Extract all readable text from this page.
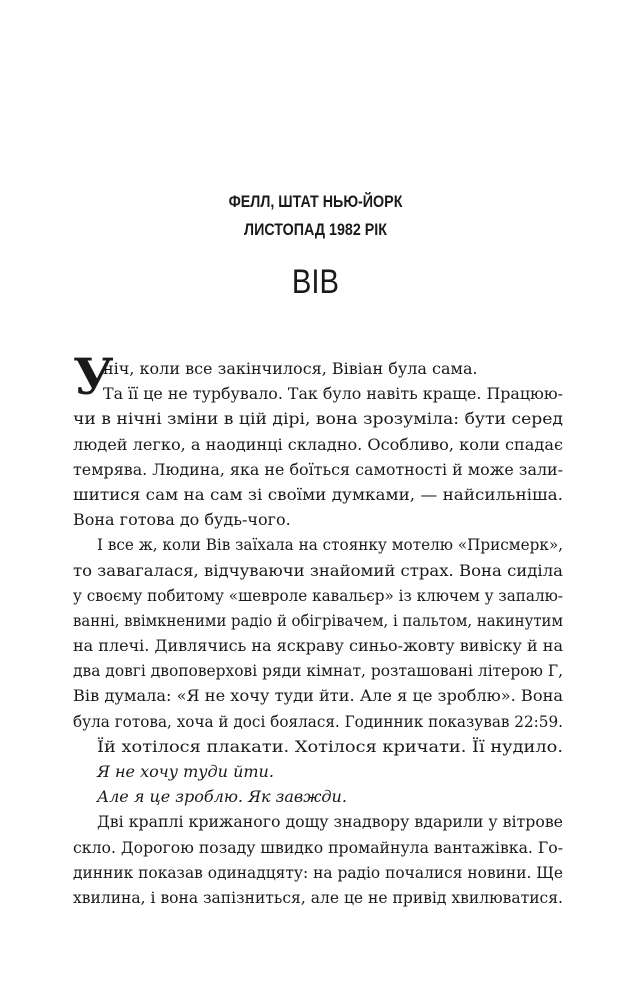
ФЕЛЛ, ШТАТ НЬЮ-ЙОРК
ЛИСТОПАД 1982 РІК
ВІВ
У
ніч, коли все закінчилося, Вівіан була сама.
Та її це не турбувало. Так було навіть краще. Працюю-
чи в нічні зміни в цій дірі, вона зрозуміла: бути серед
людей легко, а наодинці складно. Особливо, коли спадає
темрява. Людина, яка не боїться самотності й може зали-
шитися сам на сам зі своїми думками, — найсильніша.
Вона готова до будь-чого.
І все ж, коли Вів заїхала на стоянку мотелю «Присмерк»,
то завагалася, відчуваючи знайомий страх. Вона сиділа
у своєму побитому «шевроле кавальєр» із ключем у запалю-
ванні, ввімкненими радіо й обігрівачем, і пальтом, накинутим
на плечі. Дивлячись на яскраву синьо-жовту вивіску й на
два довгі двоповерхові ряди кімнат, розташовані літерою Г,
Вів думала: «Я не хочу туди йти. Але я це зроблю». Вона
була готова, хоча й досі боялася. Годинник показував 22:59.
Їй хотілося плакати. Хотілося кричати. Її нудило.
Я не хочу туди йти.
Але я це зроблю. Як завжди.
Дві краплі крижаного дощу знадвору вдарили у вітрове
скло. Дорогою позаду швидко промайнула вантажівка. Го-
динник показав одинадцяту: на радіо почалися новини. Ще
хвилина, і вона запізниться, але це не привід хвилюватися.
